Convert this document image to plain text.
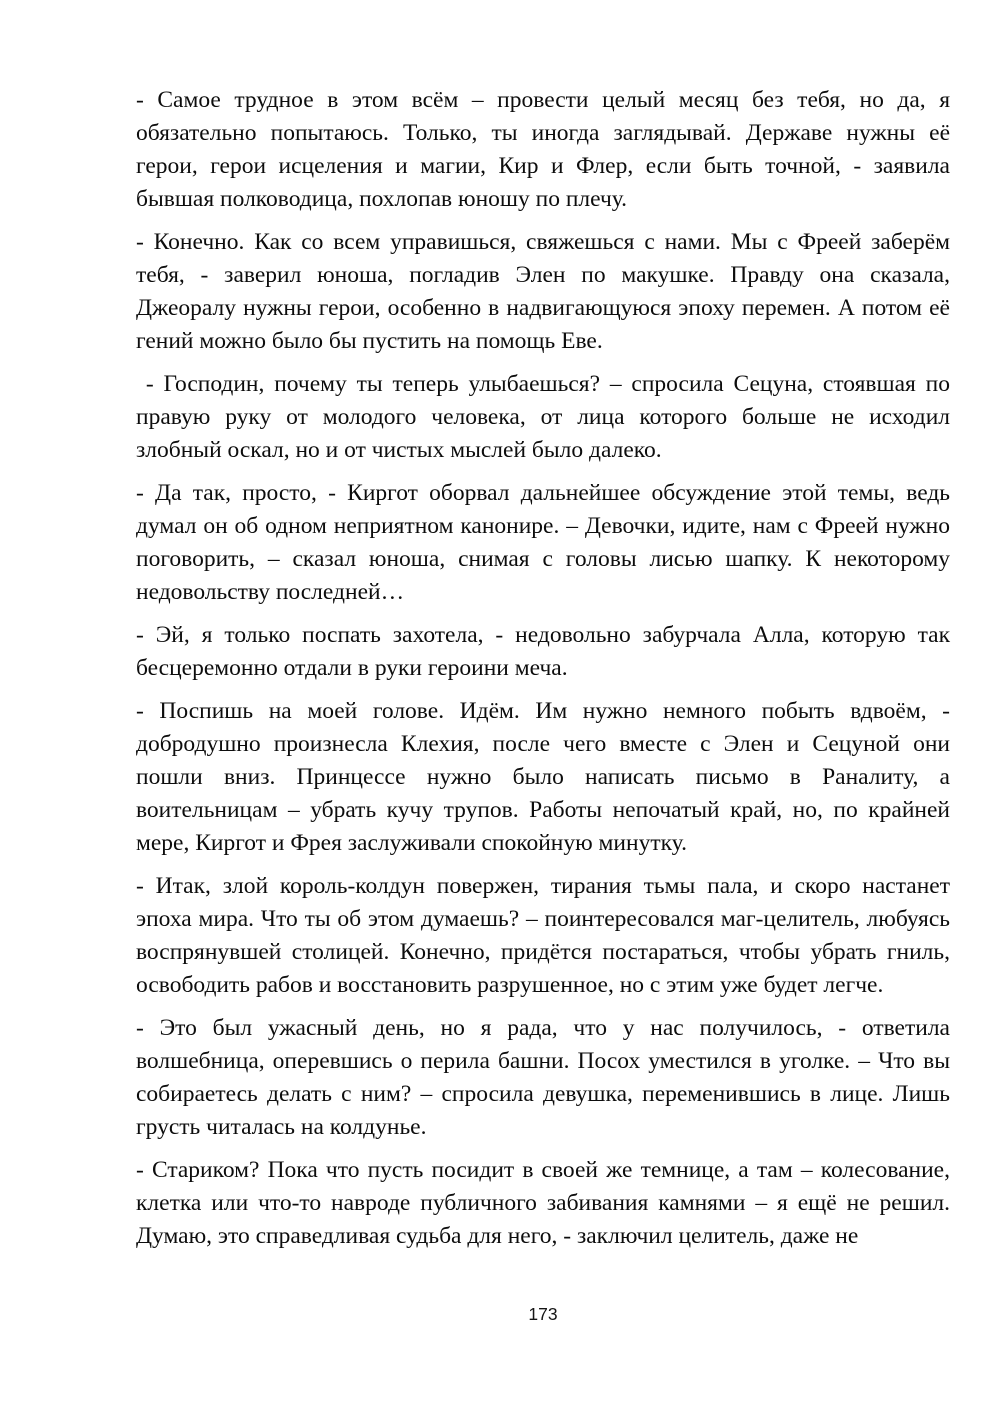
- Самое трудное в этом всём – провести целый месяц без тебя, но да, я обязательно попытаюсь. Только, ты иногда заглядывай. Державе нужны её герои, герои исцеления и магии, Кир и Флер, если быть точной, - заявила бывшая полководица, похлопав юношу по плечу.

- Конечно. Как со всем управишься, свяжешься с нами. Мы с Фреей заберём тебя, - заверил юноша, погладив Элен по макушке. Правду она сказала, Джеоралу нужны герои, особенно в надвигающуюся эпоху перемен. А потом её гений можно было бы пустить на помощь Еве.

- Господин, почему ты теперь улыбаешься? – спросила Сецуна, стоявшая по правую руку от молодого человека, от лица которого больше не исходил злобный оскал, но и от чистых мыслей было далеко.

- Да так, просто, - Киргот оборвал дальнейшее обсуждение этой темы, ведь думал он об одном неприятном канонире. – Девочки, идите, нам с Фреей нужно поговорить, – сказал юноша, снимая с головы лисью шапку. К некоторому недовольству последней…

- Эй, я только поспать захотела, - недовольно забурчала Алла, которую так бесцеремонно отдали в руки героини меча.

- Поспишь на моей голове. Идём. Им нужно немного побыть вдвоём, - добродушно произнесла Клехия, после чего вместе с Элен и Сецуной они пошли вниз. Принцессе нужно было написать письмо в Раналиту, а воительницам – убрать кучу трупов. Работы непочатый край, но, по крайней мере, Киргот и Фрея заслуживали спокойную минутку.

- Итак, злой король-колдун повержен, тирания тьмы пала, и скоро настанет эпоха мира. Что ты об этом думаешь? – поинтересовался маг-целитель, любуясь воспрянувшей столицей. Конечно, придётся постараться, чтобы убрать гниль, освободить рабов и восстановить разрушенное, но с этим уже будет легче.

- Это был ужасный день, но я рада, что у нас получилось, - ответила волшебница, оперевшись о перила башни. Посох уместился в уголке. – Что вы собираетесь делать с ним? – спросила девушка, переменившись в лице. Лишь грусть читалась на колдунье.

- Стариком? Пока что пусть посидит в своей же темнице, а там – колесование, клетка или что-то навроде публичного забивания камнями – я ещё не решил. Думаю, это справедливая судьба для него, - заключил целитель, даже не

173
